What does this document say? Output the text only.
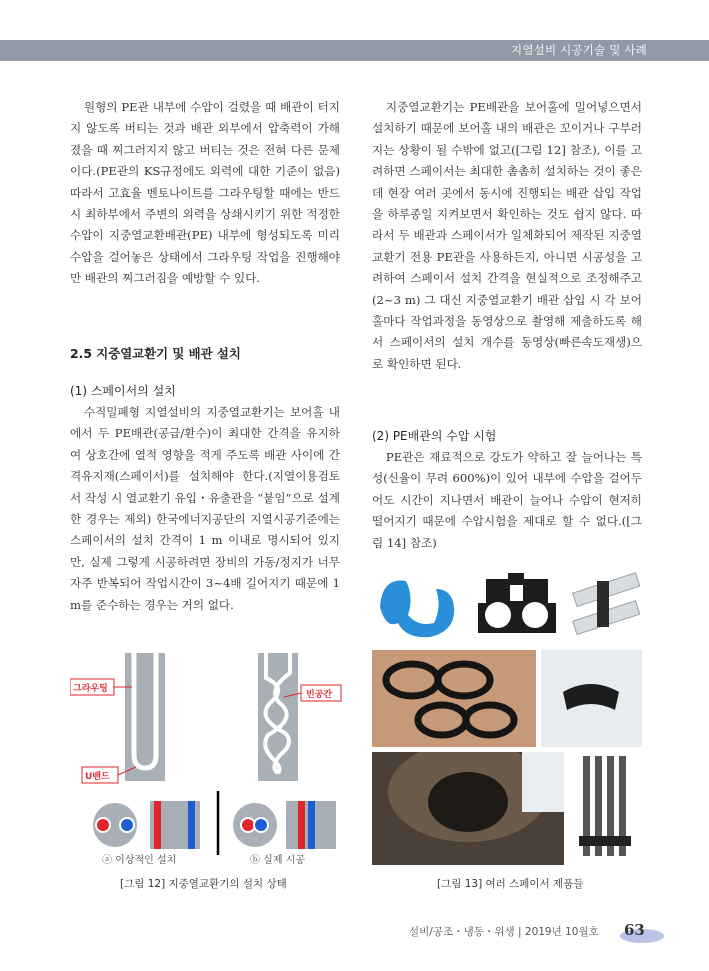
지열설비 시공기술 및 사례

원형의 PE관 내부에 수압이 걸렸을 때 배관이 터지지 않도록 버티는 것과 배관 외부에서 압축력이 가해졌을 때 찌그러지지 않고 버티는 것은 전혀 다른 문제이다.(PE관의 KS규정에도 외력에 대한 기준이 없음) 따라서 고효율 벤토나이트를 그라우팅할 때에는 반드시 최하부에서 주변의 외력을 상쇄시키기 위한 적정한 수압이 지중열교환배관(PE) 내부에 형성되도록 미리 수압을 걸어놓은 상태에서 그라우팅 작업을 진행해야만 배관의 찌그러짐을 예방할 수 있다.

2.5 지중열교환기 및 배관 설치
(1) 스페이서의 설치

수직밀폐형 지열설비의 지중열교환기는 보어홀 내에서 두 PE배관(공급/환수)이 최대한 간격을 유지하여 상호간에 열적 영향을 적게 주도록 배관 사이에 간격유지재(스페이서)를 설치해야 한다.(지열이용검토서 작성 시 열교환기 유입・유출관을 “붙임”으로 설계한 경우는 제외) 한국에너지공단의 지열시공기준에는 스페이서의 설치 간격이 1 m 이내로 명시되어 있지만, 실제 그렇게 시공하려면 장비의 가동/정지가 너무 자주 반복되어 작업시간이 3~4배 길어지기 때문에 1 m를 준수하는 경우는 거의 없다.

지중열교환기는 PE배관을 보어홀에 밀어넣으면서 설치하기 때문에 보어홀 내의 배관은 꼬이거나 구부러지는 상황이 될 수밖에 없고([그림 12] 참조), 이를 고려하면 스페이서는 최대한 촘촘히 설치하는 것이 좋은데 현장 여러 곳에서 동시에 진행되는 배관 삽입 작업을 하루종일 지켜보면서 확인하는 것도 쉽지 않다. 따라서 두 배관과 스페이서가 일체화되어 제작된 지중열교환기 전용 PE관을 사용하든지, 아니면 시공성을 고려하여 스페이서 설치 간격을 현실적으로 조정해주고(2~3 m) 그 대신 지중열교환기 배관 삽입 시 각 보어홀마다 작업과정을 동영상으로 촬영해 제출하도록 해서 스페이서의 설치 개수를 동영상(빠른속도재생)으로 확인하면 된다.

(2) PE배관의 수압 시험

PE관은 재료적으로 강도가 약하고 잘 늘어나는 특성(신율이 무려 600%)이 있어 내부에 수압을 걸어두어도 시간이 지나면서 배관이 늘어나 수압이 현저히 떨어지기 때문에 수압시험을 제대로 할 수 없다.([그림 14] 참조)

그라우팅
빈공간
U밴드
ⓐ 이상적인 설치	ⓑ 실제 시공
[그림 12] 지중열교환기의 설치 상태	[그림 13] 여러 스페이서 제품들
설비/공조・냉동・위생 | 2019년 10월호 63
